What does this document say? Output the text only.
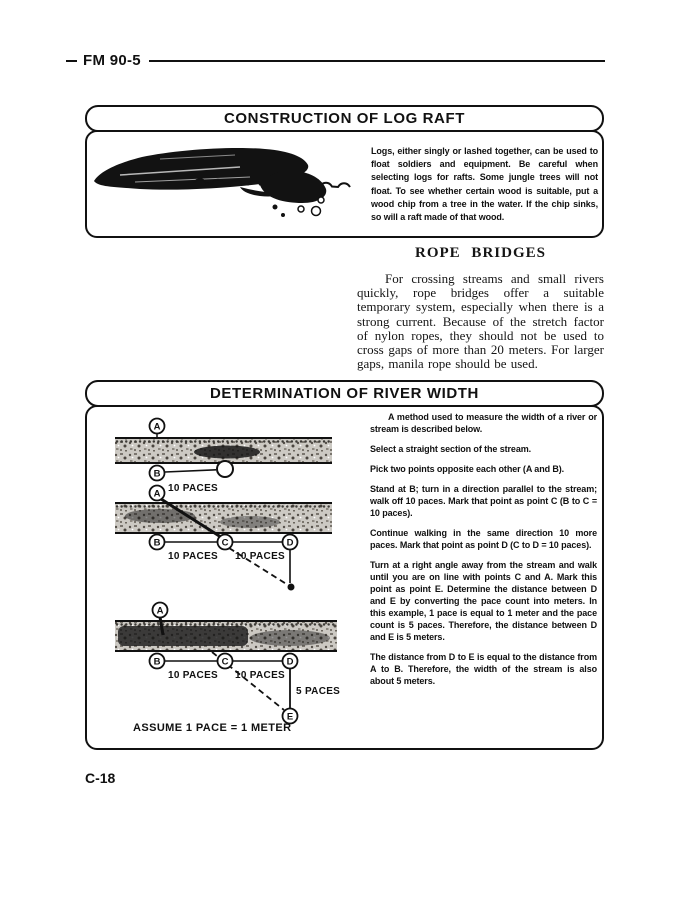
FM 90-5
CONSTRUCTION OF LOG RAFT
Logs, either singly or lashed together, can be used to float soldiers and equipment. Be careful when selecting logs for rafts. Some jungle trees will not float. To see whether certain wood is suitable, put a wood chip from a tree in the water. If the chip sinks, so will a raft made of that wood.
ROPE BRIDGES

For crossing streams and small rivers quickly, rope bridges offer a suitable temporary system, especially when there is a strong current. Because of the stretch factor of nylon ropes, they should not be used to cross gaps of more than 20 meters. For larger gaps, manila rope should be used.

DETERMINATION OF RIVER WIDTH
A
B
10 PACES
A
B	C	D
10 PACES 10 PACES
A
B	C	D
E
10 PACES 10 PACES
5 PACES
ASSUME 1 PACE = 1 METER

A method used to measure the width of a river or stream is described below.

Select a straight section of the stream.

Pick two points opposite each other (A and B).

Stand at B; turn in a direction parallel to the stream; walk off 10 paces. Mark that point as point C (B to C = 10 paces).

Continue walking in the same direction 10 more paces. Mark that point as point D (C to D = 10 paces).

Turn at a right angle away from the stream and walk until you are on line with points C and A. Mark this point as point E. Determine the distance between D and E by converting the pace count into meters. In this example, 1 pace is equal to 1 meter and the pace count is 5 paces. Therefore, the distance between D and E is 5 meters.

The distance from D to E is equal to the distance from A to B. Therefore, the width of the stream is also about 5 meters.

C-18
